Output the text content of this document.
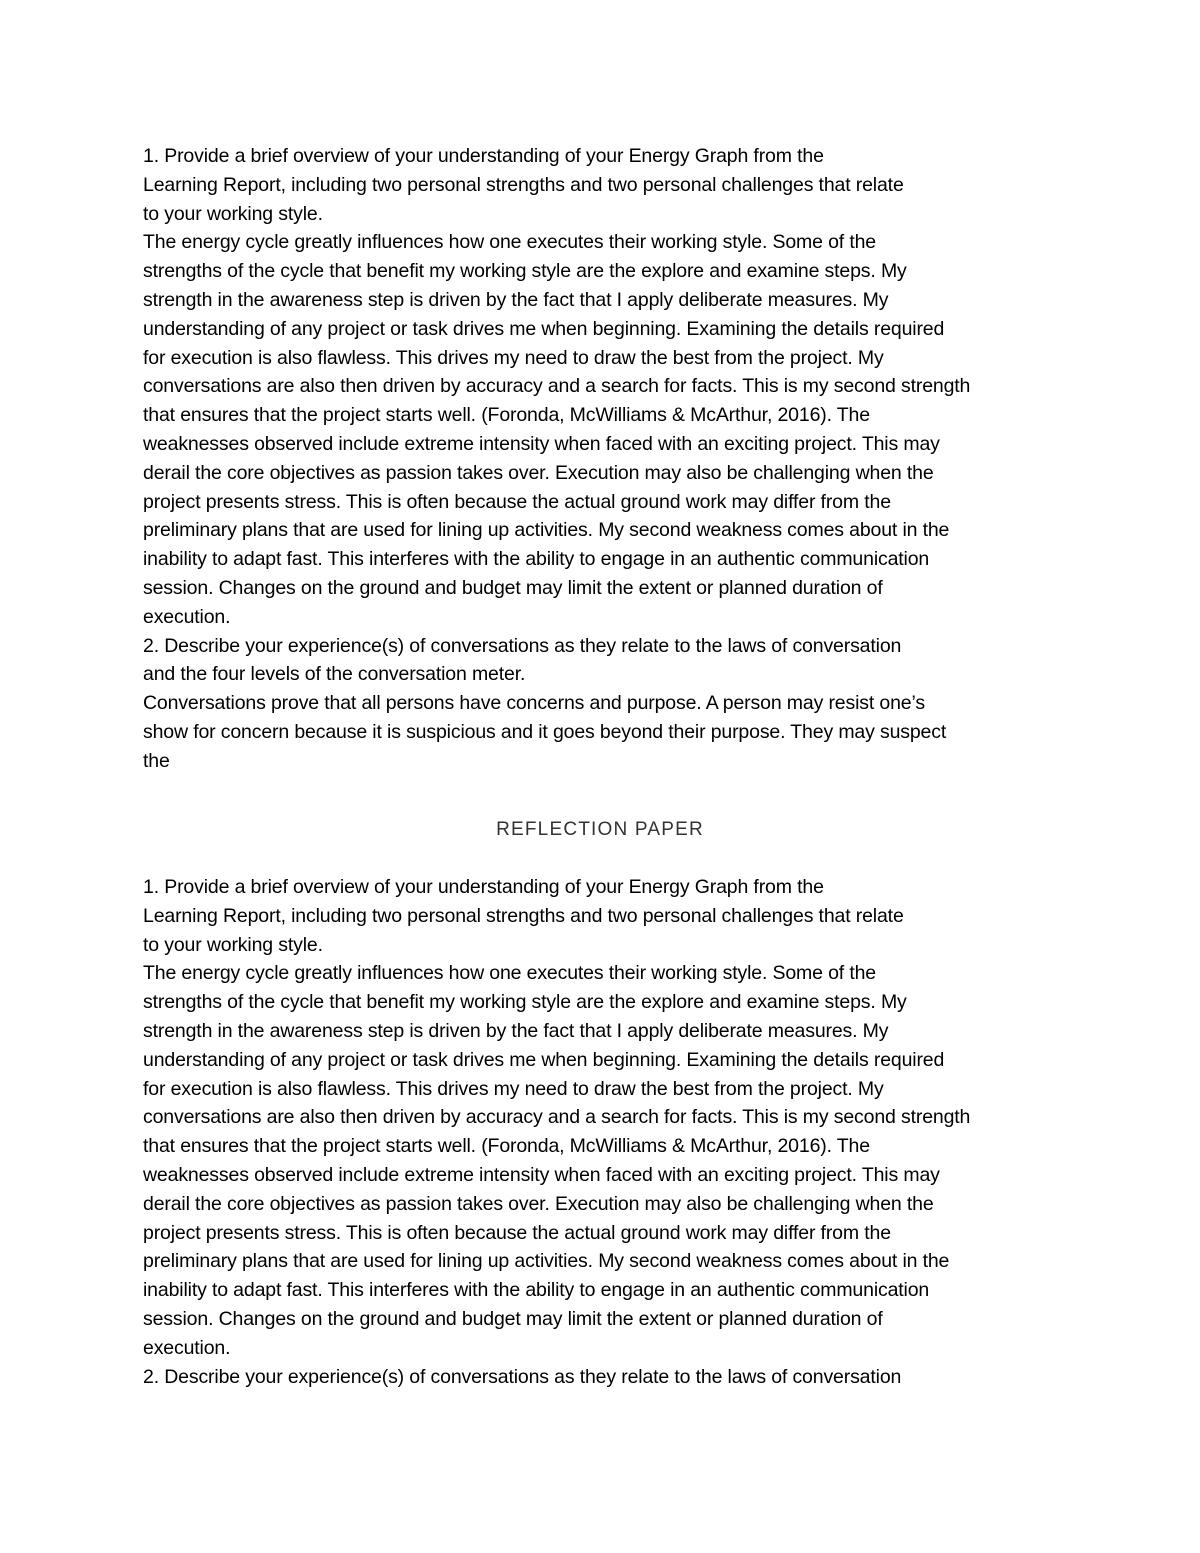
1. Provide a brief overview of your understanding of your Energy Graph from the
Learning Report, including two personal strengths and two personal challenges that relate
to your working style.
The energy cycle greatly influences how one executes their working style. Some of the
strengths of the cycle that benefit my working style are the explore and examine steps. My
strength in the awareness step is driven by the fact that I apply deliberate measures. My
understanding of any project or task drives me when beginning. Examining the details required
for execution is also flawless. This drives my need to draw the best from the project. My
conversations are also then driven by accuracy and a search for facts. This is my second strength
that ensures that the project starts well. (Foronda, McWilliams & McArthur, 2016). The
weaknesses observed include extreme intensity when faced with an exciting project. This may
derail the core objectives as passion takes over. Execution may also be challenging when the
project presents stress. This is often because the actual ground work may differ from the
preliminary plans that are used for lining up activities. My second weakness comes about in the
inability to adapt fast. This interferes with the ability to engage in an authentic communication
session. Changes on the ground and budget may limit the extent or planned duration of
execution.
2. Describe your experience(s) of conversations as they relate to the laws of conversation
and the four levels of the conversation meter.
Conversations prove that all persons have concerns and purpose. A person may resist one’s
show for concern because it is suspicious and it goes beyond their purpose. They may suspect
the
REFLECTION PAPER
1. Provide a brief overview of your understanding of your Energy Graph from the
Learning Report, including two personal strengths and two personal challenges that relate
to your working style.
The energy cycle greatly influences how one executes their working style. Some of the
strengths of the cycle that benefit my working style are the explore and examine steps. My
strength in the awareness step is driven by the fact that I apply deliberate measures. My
understanding of any project or task drives me when beginning. Examining the details required
for execution is also flawless. This drives my need to draw the best from the project. My
conversations are also then driven by accuracy and a search for facts. This is my second strength
that ensures that the project starts well. (Foronda, McWilliams & McArthur, 2016). The
weaknesses observed include extreme intensity when faced with an exciting project. This may
derail the core objectives as passion takes over. Execution may also be challenging when the
project presents stress. This is often because the actual ground work may differ from the
preliminary plans that are used for lining up activities. My second weakness comes about in the
inability to adapt fast. This interferes with the ability to engage in an authentic communication
session. Changes on the ground and budget may limit the extent or planned duration of
execution.
2. Describe your experience(s) of conversations as they relate to the laws of conversation
